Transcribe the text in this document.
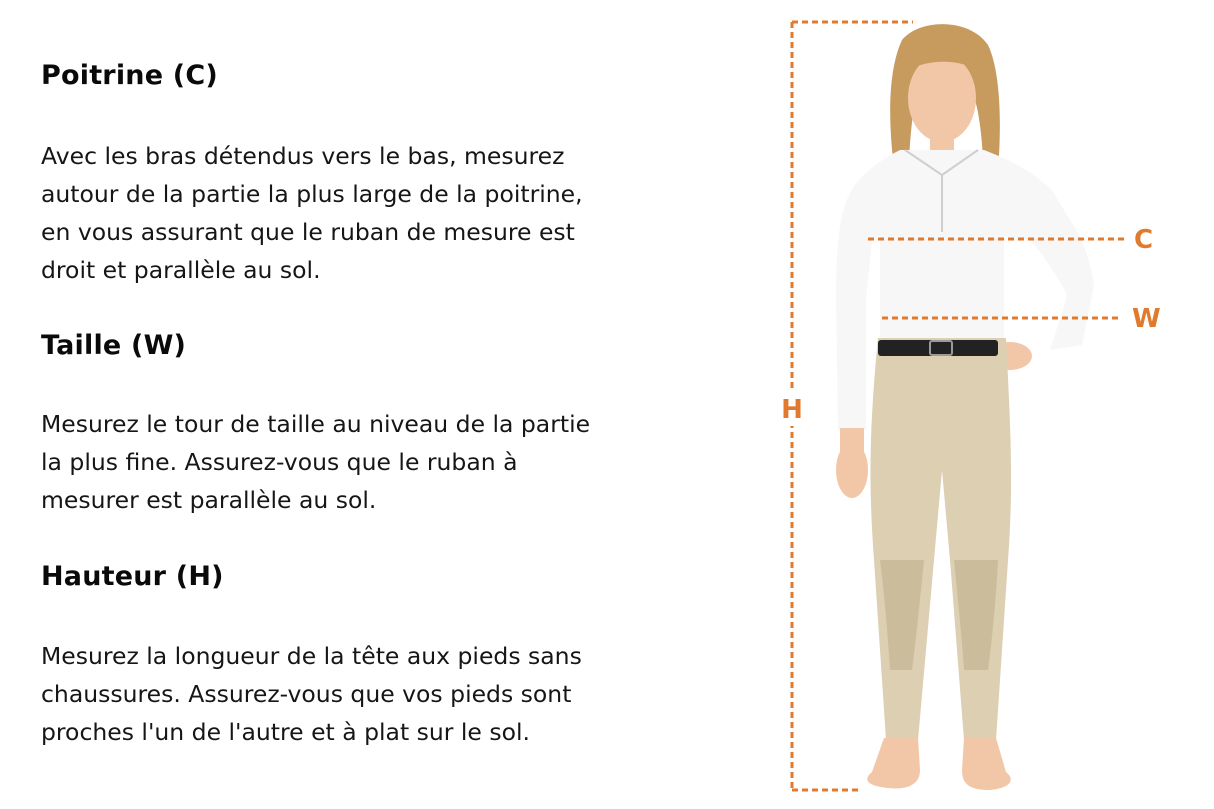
Poitrine (C)
Avec les bras détendus vers le bas, mesurez
autour de la partie la plus large de la poitrine,
en vous assurant que le ruban de mesure est
droit et parallèle au sol.
Taille (W)
Mesurez le tour de taille au niveau de la partie
la plus fine. Assurez-vous que le ruban à
mesurer est parallèle au sol.
Hauteur (H)
Mesurez la longueur de la tête aux pieds sans
chaussures. Assurez-vous que vos pieds sont
proches l'un de l'autre et à plat sur le sol.
H
C
W
